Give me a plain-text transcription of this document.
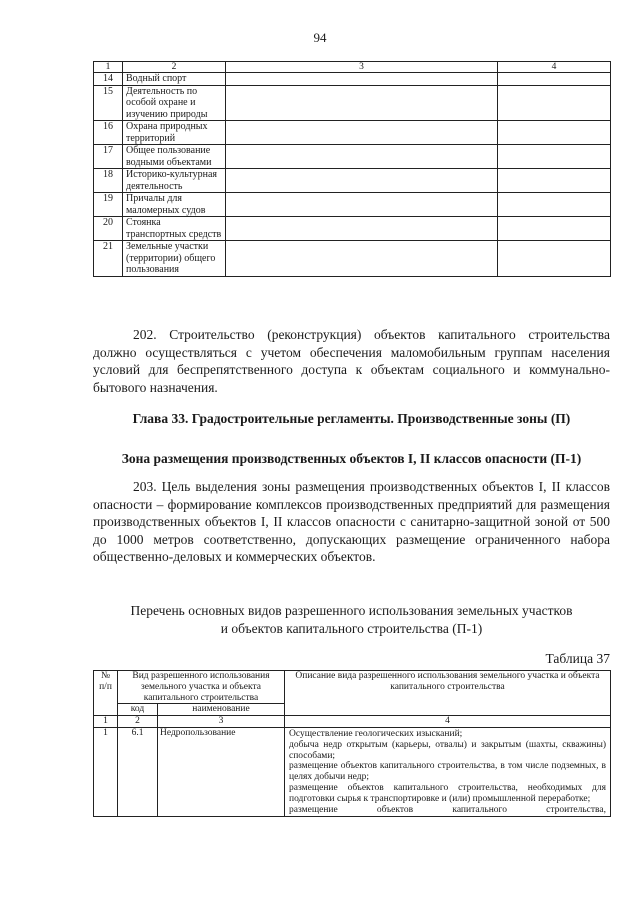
94
1	2	3	4
14	Водный спорт		
15	Деятельность по особой охране и изучению природы		
16	Охрана природных территорий		
17	Общее пользование водными объектами		
18	Историко-культурная деятельность		
19	Причалы для маломерных судов		
20	Стоянка транспортных средств		
21	Земельные участки (территории) общего пользования		
202. Строительство (реконструкция) объектов капитального строительства должно осуществляться с учетом обеспечения маломобильным группам населения условий для беспрепятственного доступа к объектам социального и коммунально-бытового назначения.
Глава 33. Градостроительные регламенты. Производственные зоны (П)
Зона размещения производственных объектов I, II классов опасности (П-1)
203. Цель выделения зоны размещения производственных объектов I, II классов опасности – формирование комплексов производственных предприятий для размещения производственных объектов I, II классов опасности с санитарно-защитной зоной от 500 до 1000 метров соответственно, допускающих размещение ограниченного набора общественно-деловых и коммерческих объектов.
Перечень основных видов разрешенного использования земельных участков
и объектов капитального строительства (П-1)
Таблица 37
№ п/п	Вид разрешенного использования земельного участка и объекта капитального строительства		Описание вида разрешенного использования земельного участка и объекта капитального строительства
	код	наименование	
1	2	3	4
1	6.1	Недропользование	Осуществление геологических изысканий;
добыча недр открытым (карьеры, отвалы) и закрытым (шахты, скважины) способами;
размещение объектов капитального строительства, в том числе подземных, в целях добычи недр;
размещение объектов капитального строительства, необходимых для подготовки сырья к транспортировке и (или) промышленной переработке;
размещение объектов капитального строительства,
